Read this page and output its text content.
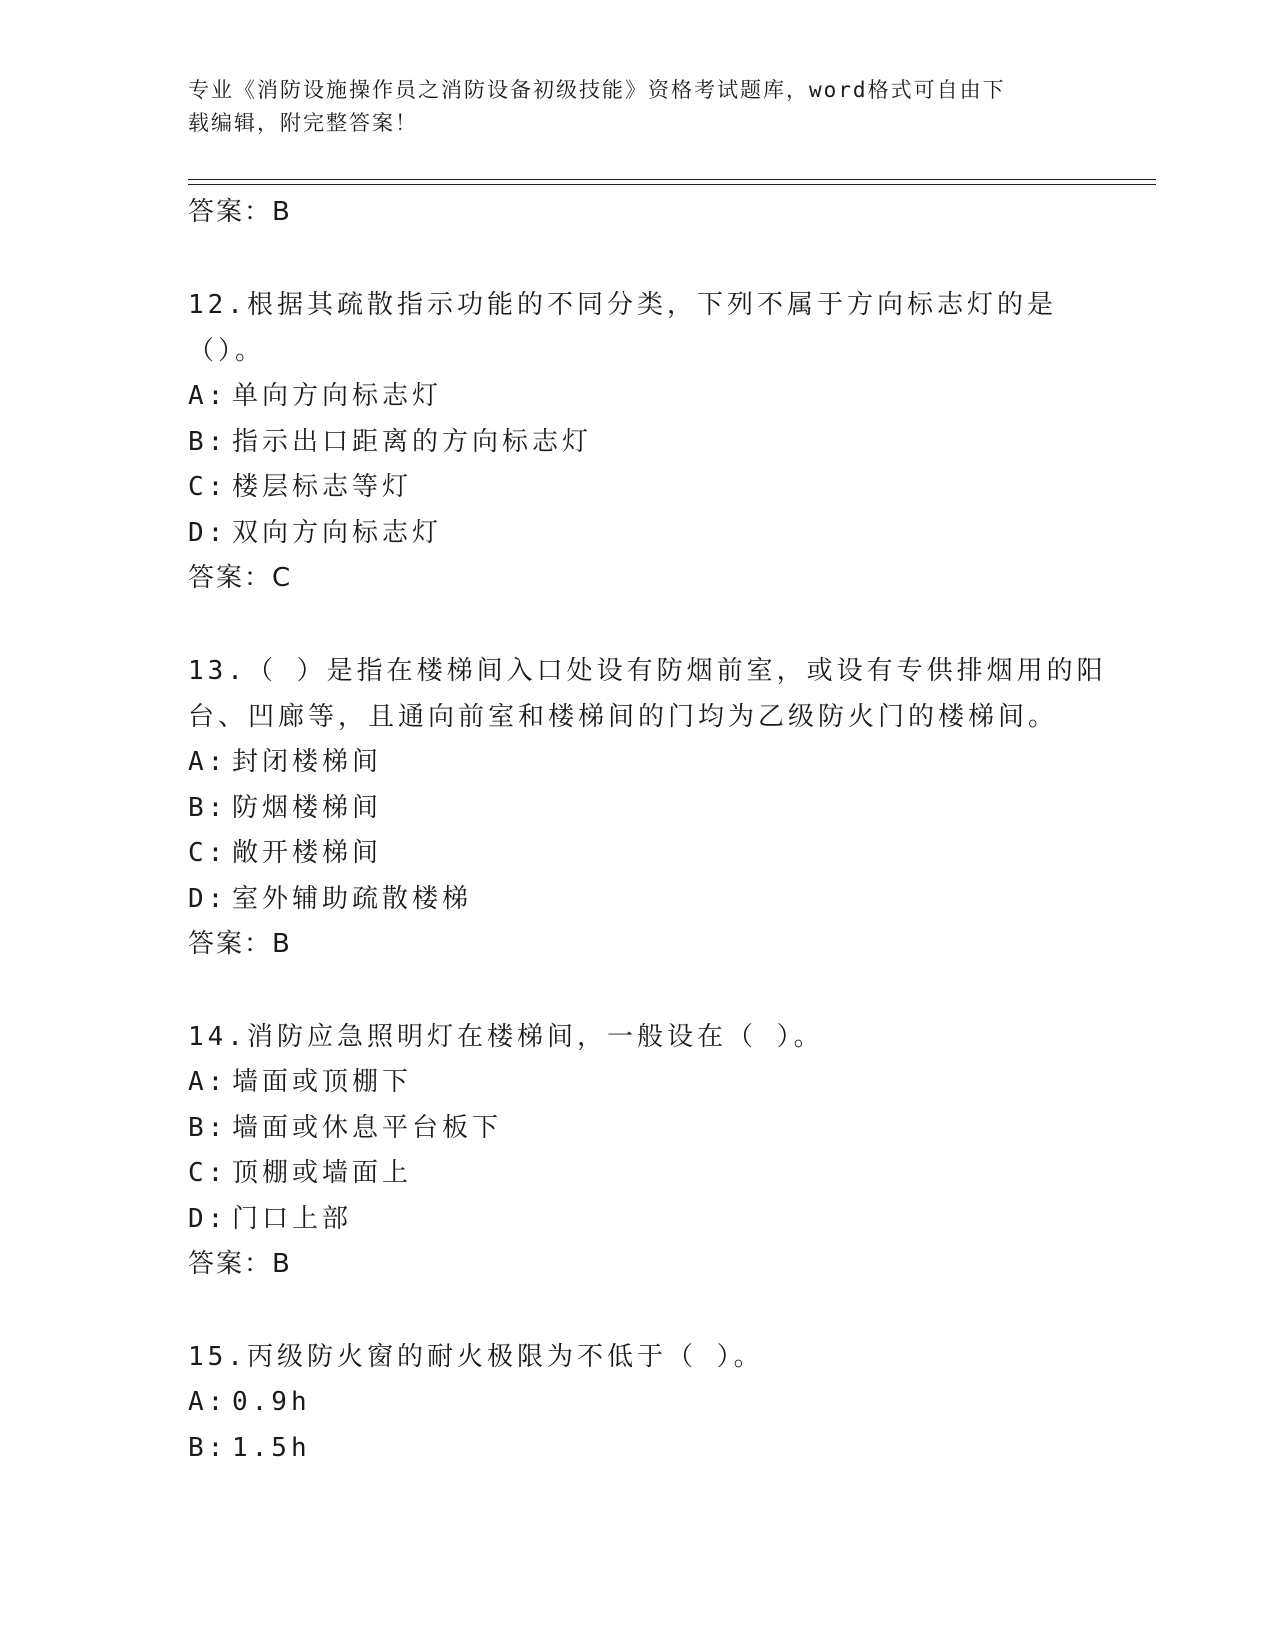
专业《消防设施操作员之消防设备初级技能》资格考试题库，word格式可自由下
载编辑，附完整答案！
答案：B
12.根据其疏散指示功能的不同分类，下列不属于方向标志灯的是（）。
A: 单向方向标志灯
B: 指示出口距离的方向标志灯
C: 楼层标志等灯
D: 双向方向标志灯
答案：C
13.（ ）是指在楼梯间入口处设有防烟前室，或设有专供排烟用的阳台、凹廊等，且通向前室和楼梯间的门均为乙级防火门的楼梯间。
A: 封闭楼梯间
B: 防烟楼梯间
C: 敞开楼梯间
D: 室外辅助疏散楼梯
答案：B
14.消防应急照明灯在楼梯间，一般设在（ ）。
A: 墙面或顶棚下
B: 墙面或休息平台板下
C: 顶棚或墙面上
D: 门口上部
答案：B
15.丙级防火窗的耐火极限为不低于（ ）。
A: 0.9h
B: 1.5h
